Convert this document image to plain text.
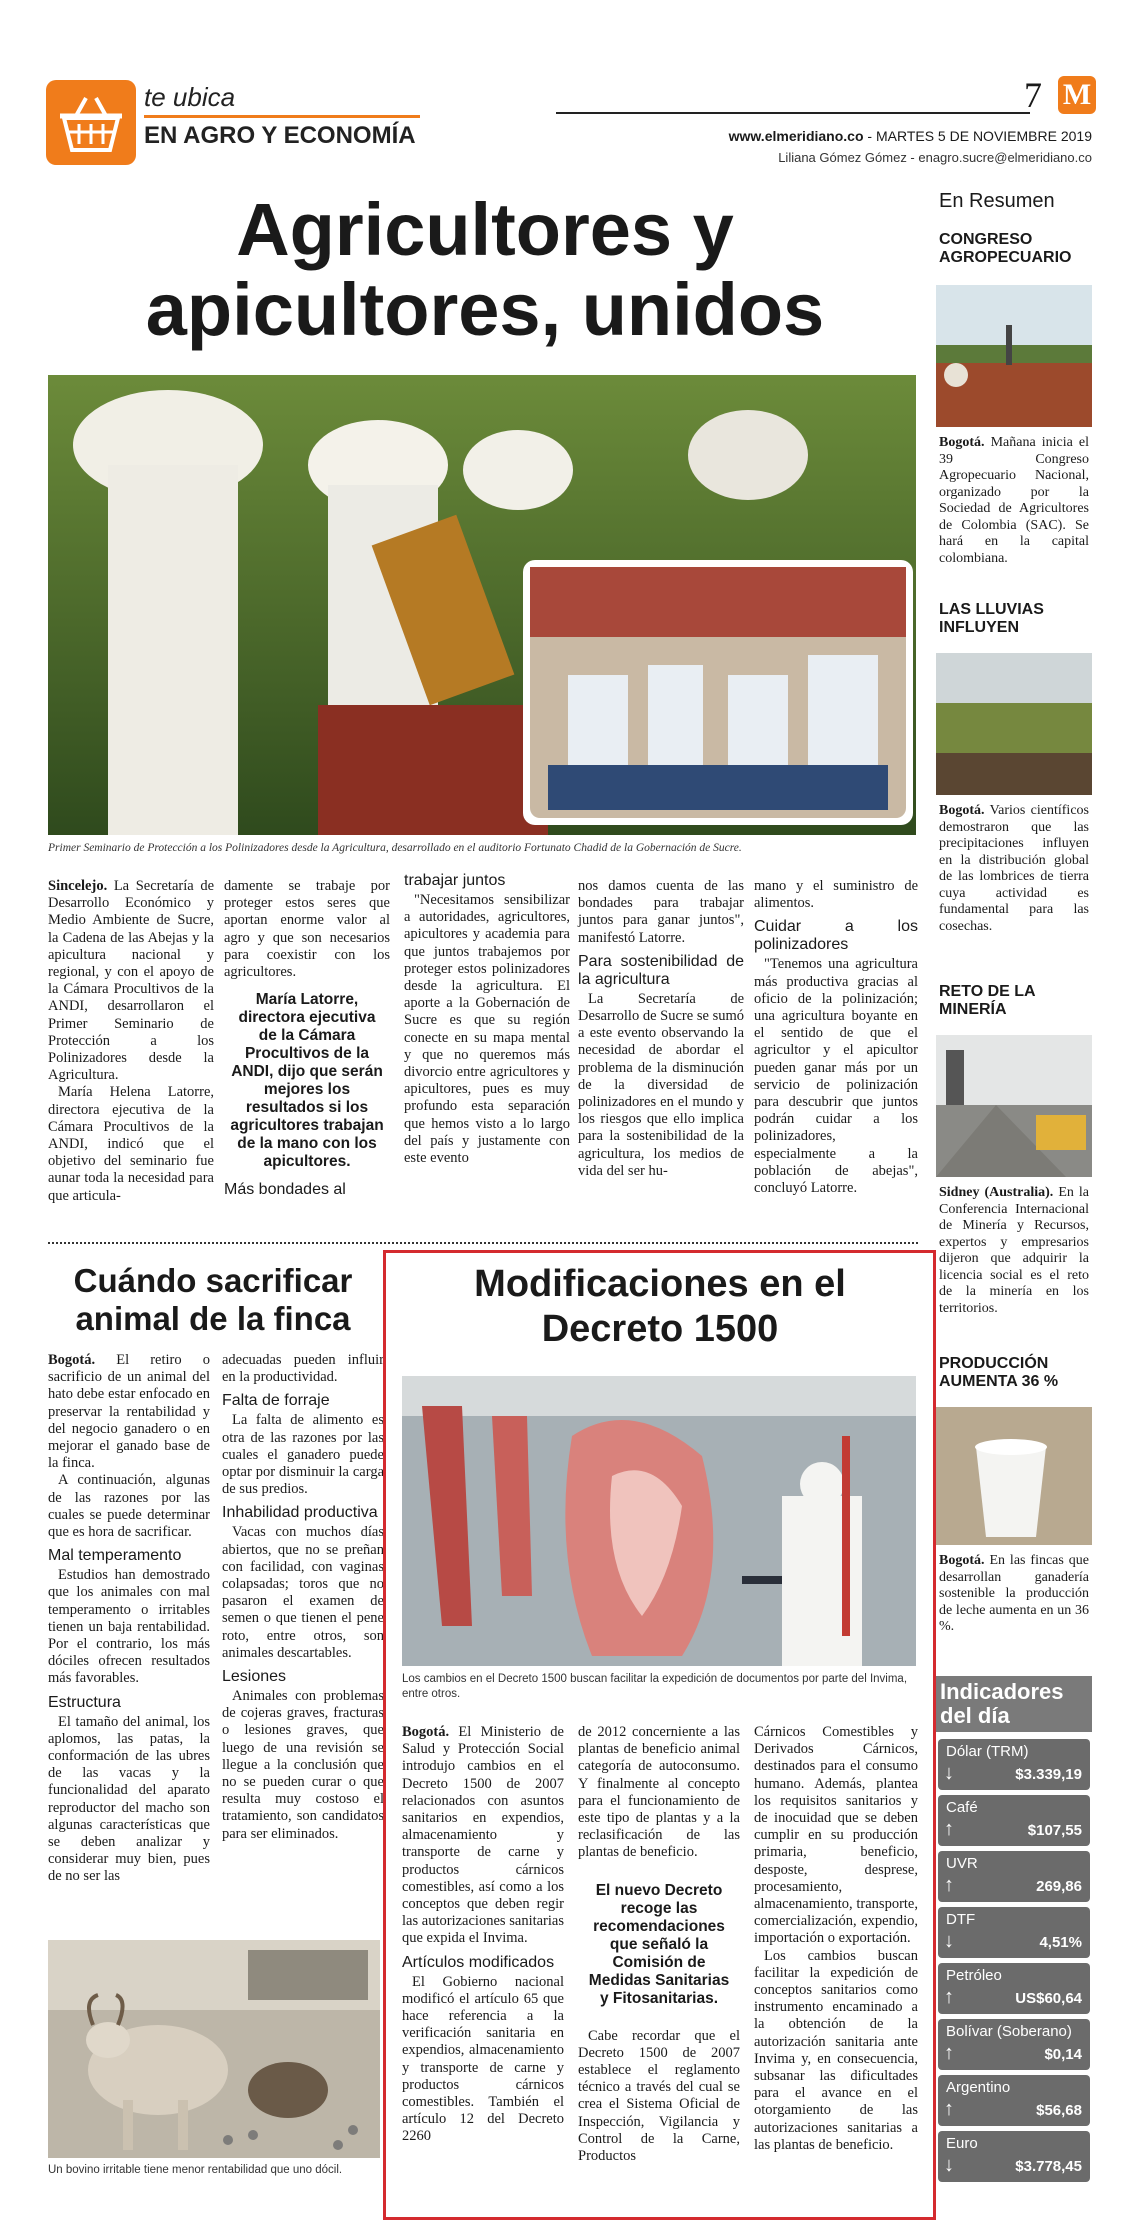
te ubica
EN AGRO Y ECONOMÍA
7 M
www.elmeridiano.co - MARTES 5 DE NOVIEMBRE 2019
Liliana Gómez Gómez - enagro.sucre@elmeridiano.co
Agricultores y apicultores, unidos
Primer Seminario de Protección a los Polinizadores desde la Agricultura, desarrollado en el auditorio Fortunato Chadid de la Gobernación de Sucre.

Sincelejo. La Secretaría de Desarrollo Económico y Medio Ambiente de Sucre, la Cadena de las Abejas y la apicultura nacional y regional, y con el apoyo de la Cámara Procultivos de la ANDI, desarrollaron el Primer Seminario de Protección a los Polinizadores desde la Agricultura.

María Helena Latorre, directora ejecutiva de la Cámara Procultivos de la ANDI, indicó que el objetivo del seminario fue aunar toda la necesidad para que articula-

damente se trabaje por proteger estos seres que aportan enorme valor al agro y que son necesarios para coexistir con los agricultores.

María Latorre, directora ejecutiva de la Cámara Procultivos de la ANDI, dijo que serán mejores los resultados si los agricultores trabajan de la mano con los apicultores.
Más bondades al
trabajar juntos

"Necesitamos sensibilizar a autoridades, agricultores, apicultores y academia para que juntos trabajemos por proteger estos polinizadores desde la agricultura. El aporte a la Gobernación de Sucre es que su región conecte en su mapa mental y que no queremos más divorcio entre agricultores y apicultores, pues es muy profundo esta separación que hemos visto a lo largo del país y justamente con este evento

nos damos cuenta de las bondades para trabajar juntos para ganar juntos", manifestó Latorre.

Para sostenibilidad de la agricultura

La Secretaría de Desarrollo de Sucre se sumó a este evento observando la necesidad de abordar el problema de la disminución de la diversidad de polinizadores en el mundo y los riesgos que ello implica para la sostenibilidad de la agricultura, los medios de vida del ser hu-

mano y el suministro de alimentos.

Cuidar a los polinizadores

"Tenemos una agricultura más productiva gracias al oficio de la polinización; una agricultura boyante en el sentido de que el agricultor y el apicultor pueden ganar más por un servicio de polinización para descubrir que juntos podrán cuidar a los polinizadores, especialmente a la población de abejas", concluyó Latorre.

Cuándo sacrificar animal de la finca

Bogotá. El retiro o sacrificio de un animal del hato debe estar enfocado en preservar la rentabilidad y del negocio ganadero o en mejorar el ganado base de la finca.

A continuación, algunas de las razones por las cuales se puede determinar que es hora de sacrificar.

Mal temperamento

Estudios han demostrado que los animales con mal temperamento o irritables tienen un baja rentabilidad. Por el contrario, los más dóciles ofrecen resultados más favorables.

Estructura

El tamaño del animal, los aplomos, las patas, la conformación de las ubres de las vacas y la funcionalidad del aparato reproductor del macho son algunas características que se deben analizar y considerar muy bien, pues de no ser las

adecuadas pueden influir en la productividad.

Falta de forraje

La falta de alimento es otra de las razones por las cuales el ganadero puede optar por disminuir la carga de sus predios.

Inhabilidad productiva

Vacas con muchos días abiertos, que no se preñan con facilidad, con vaginas colapsadas; toros que no pasaron el examen de semen o que tienen el pene roto, entre otros, son animales descartables.

Lesiones

Animales con problemas de cojeras graves, fracturas o lesiones graves, que luego de una revisión se llegue a la conclusión que no se pueden curar o que resulta muy costoso el tratamiento, son candidatos para ser eliminados.

Un bovino irritable tiene menor rentabilidad que uno dócil.
Modificaciones en el Decreto 1500
Los cambios en el Decreto 1500 buscan facilitar la expedición de documentos por parte del Invima, entre otros.

Bogotá. El Ministerio de Salud y Protección Social introdujo cambios en el Decreto 1500 de 2007 relacionados con asuntos sanitarios en expendios, almacenamiento y transporte de carne y productos cárnicos comestibles, así como a los conceptos que deben regir las autorizaciones sanitarias que expida el Invima.

Artículos modificados

El Gobierno nacional modificó el artículo 65 que hace referencia a la verificación sanitaria en expendios, almacenamiento y transporte de carne y productos cárnicos comestibles. También el artículo 12 del Decreto 2260

de 2012 concerniente a las plantas de beneficio animal categoría de autoconsumo. Y finalmente al concepto para el funcionamiento de este tipo de plantas y a la reclasificación de las plantas de beneficio.

El nuevo Decreto recoge las recomendaciones que señaló la Comisión de Medidas Sanitarias y Fitosanitarias.

Cabe recordar que el Decreto 1500 de 2007 establece el reglamento técnico a través del cual se crea el Sistema Oficial de Inspección, Vigilancia y Control de la Carne, Productos

Cárnicos Comestibles y Derivados Cárnicos, destinados para el consumo humano. Además, plantea los requisitos sanitarios y de inocuidad que se deben cumplir en su producción primaria, beneficio, desposte, desprese, procesamiento, almacenamiento, transporte, comercialización, expendio, importación o exportación.

Los cambios buscan facilitar la expedición de conceptos sanitarios como instrumento encaminado a la obtención de la autorización sanitaria ante Invima y, en consecuencia, subsanar las dificultades para el avance en el otorgamiento de las autorizaciones sanitarias a las plantas de beneficio.

En Resumen
CONGRESO AGROPECUARIO
Bogotá. Mañana inicia el 39 Congreso Agropecuario Nacional, organizado por la Sociedad de Agricultores de Colombia (SAC). Se hará en la capital colombiana.
LAS LLUVIAS INFLUYEN
Bogotá. Varios científicos demostraron que las precipitaciones influyen en la distribución global de las lombrices de tierra cuya actividad es fundamental para las cosechas.
RETO DE LA MINERÍA
Sidney (Australia). En la Conferencia Internacional de Minería y Recursos, expertos y empresarios dijeron que adquirir la licencia social es el reto de la minería en los territorios.
PRODUCCIÓN AUMENTA 36 %
Bogotá. En las fincas que desarrollan ganadería sostenible la producción de leche aumenta en un 36 %.
Indicadores del día
Dólar (TRM)
↓	$3.339,19
Café
↑	$107,55
UVR
↑	269,86
DTF
↓	4,51%
Petróleo
↑	US$60,64
Bolívar (Soberano)
↑	$0,14
Argentino
↑	$56,68
Euro
↓	$3.778,45
